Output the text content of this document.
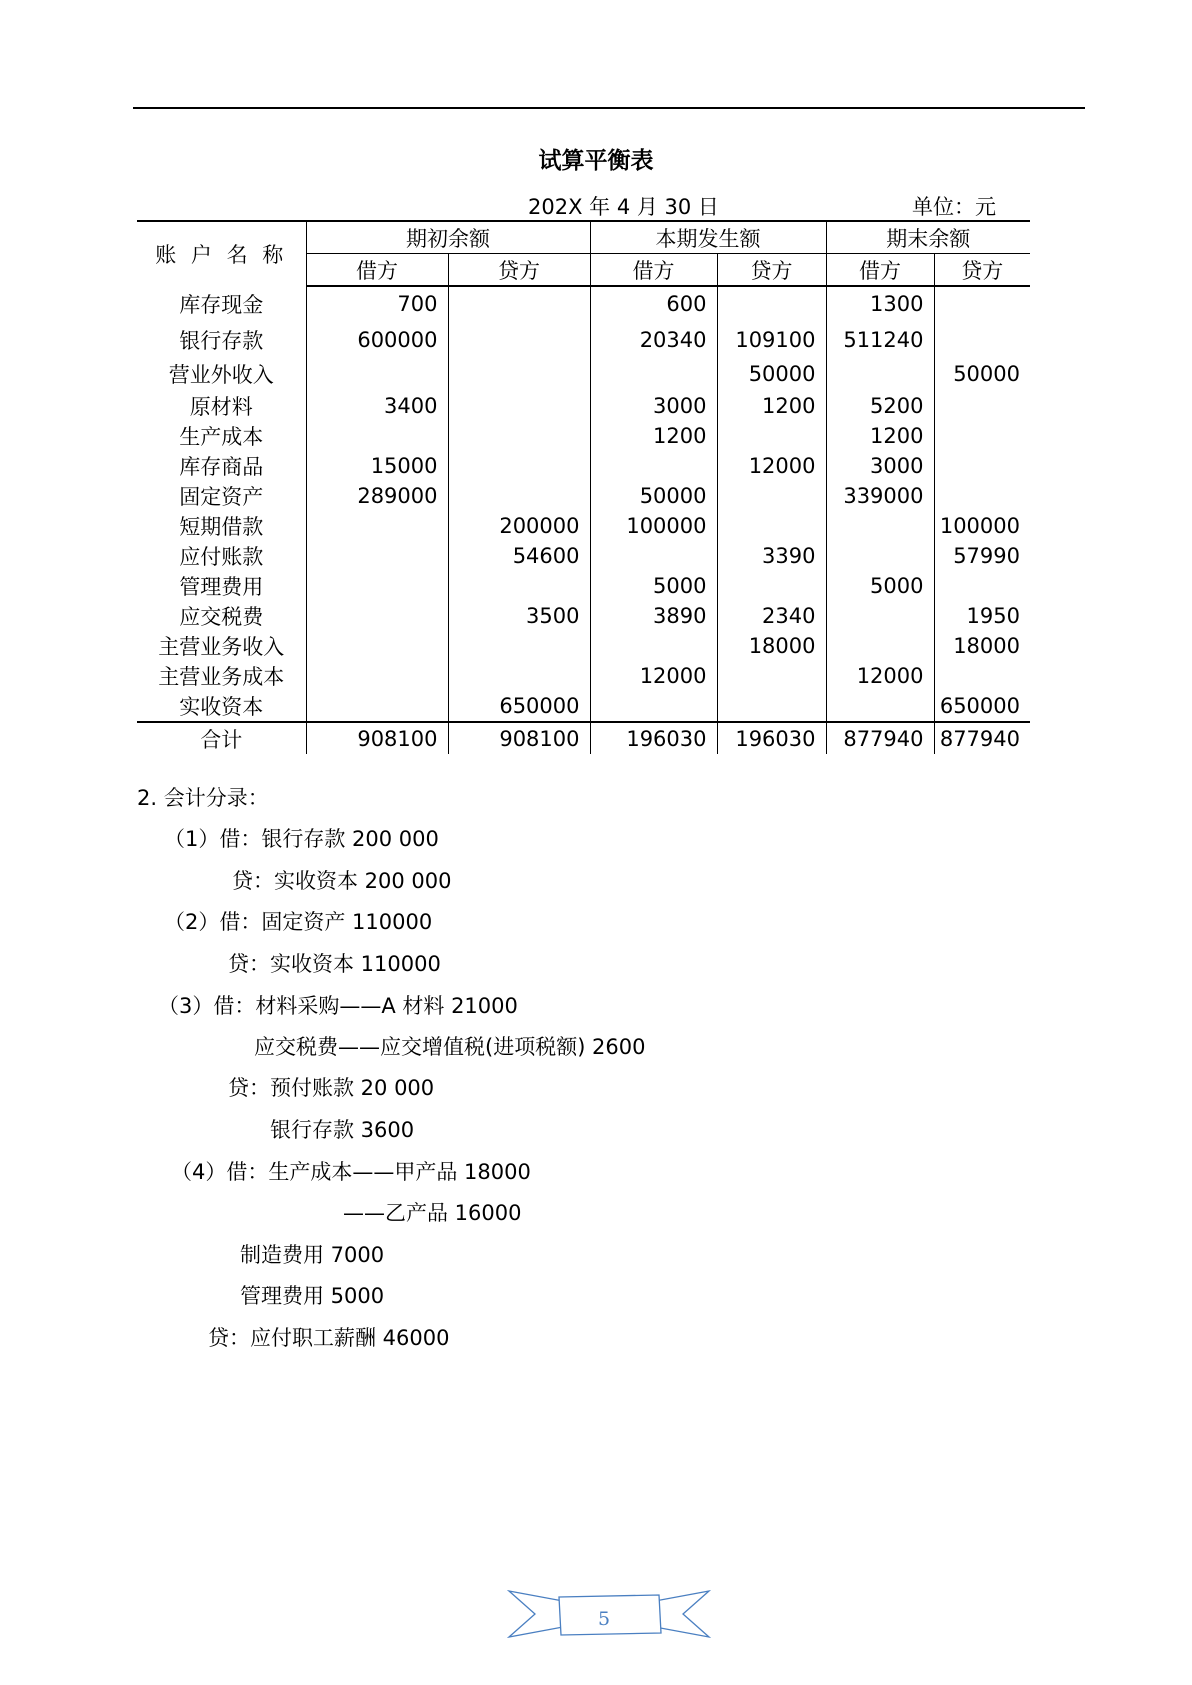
试算平衡表
202X 年 4 月 30 日	单位：元
账 户 名 称	期初余额		本期发生额		期末余额	
	借方	贷方	借方	贷方	借方	贷方
库存现金	700		600		1300	
银行存款	600000		20340	109100	511240	
营业外收入				50000		50000
原材料	3400		3000	1200	5200	
生产成本			1200		1200	
库存商品	15000			12000	3000	
固定资产	289000		50000		339000	
短期借款		200000	100000			100000
应付账款		54600		3390		57990
管理费用			5000		5000	
应交税费		3500	3890	2340		1950
主营业务收入				18000		18000
主营业务成本			12000		12000	
实收资本		650000				650000
合计	908100	908100	196030	196030	877940	877940
2. 会计分录：
（1）借：银行存款 200 000
贷：实收资本 200 000
（2）借：固定资产 110000
贷：实收资本 110000
（3）借：材料采购——A 材料 21000
应交税费——应交增值税(进项税额) 2600
贷：预付账款 20 000
银行存款 3600
（4）借：生产成本——甲产品 18000
——乙产品 16000
制造费用 7000
管理费用 5000
贷：应付职工薪酬 46000
5
